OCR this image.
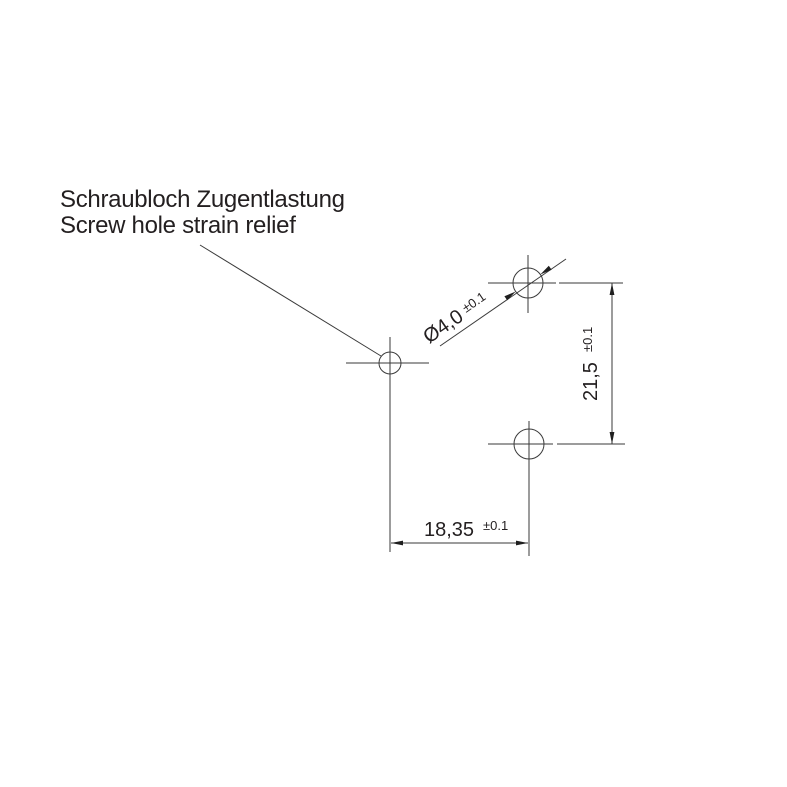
Schraubloch Zugentlastung
Screw hole strain relief
Ø4,0
±0.1
18,35 ±0.1
21,5
±0.1
